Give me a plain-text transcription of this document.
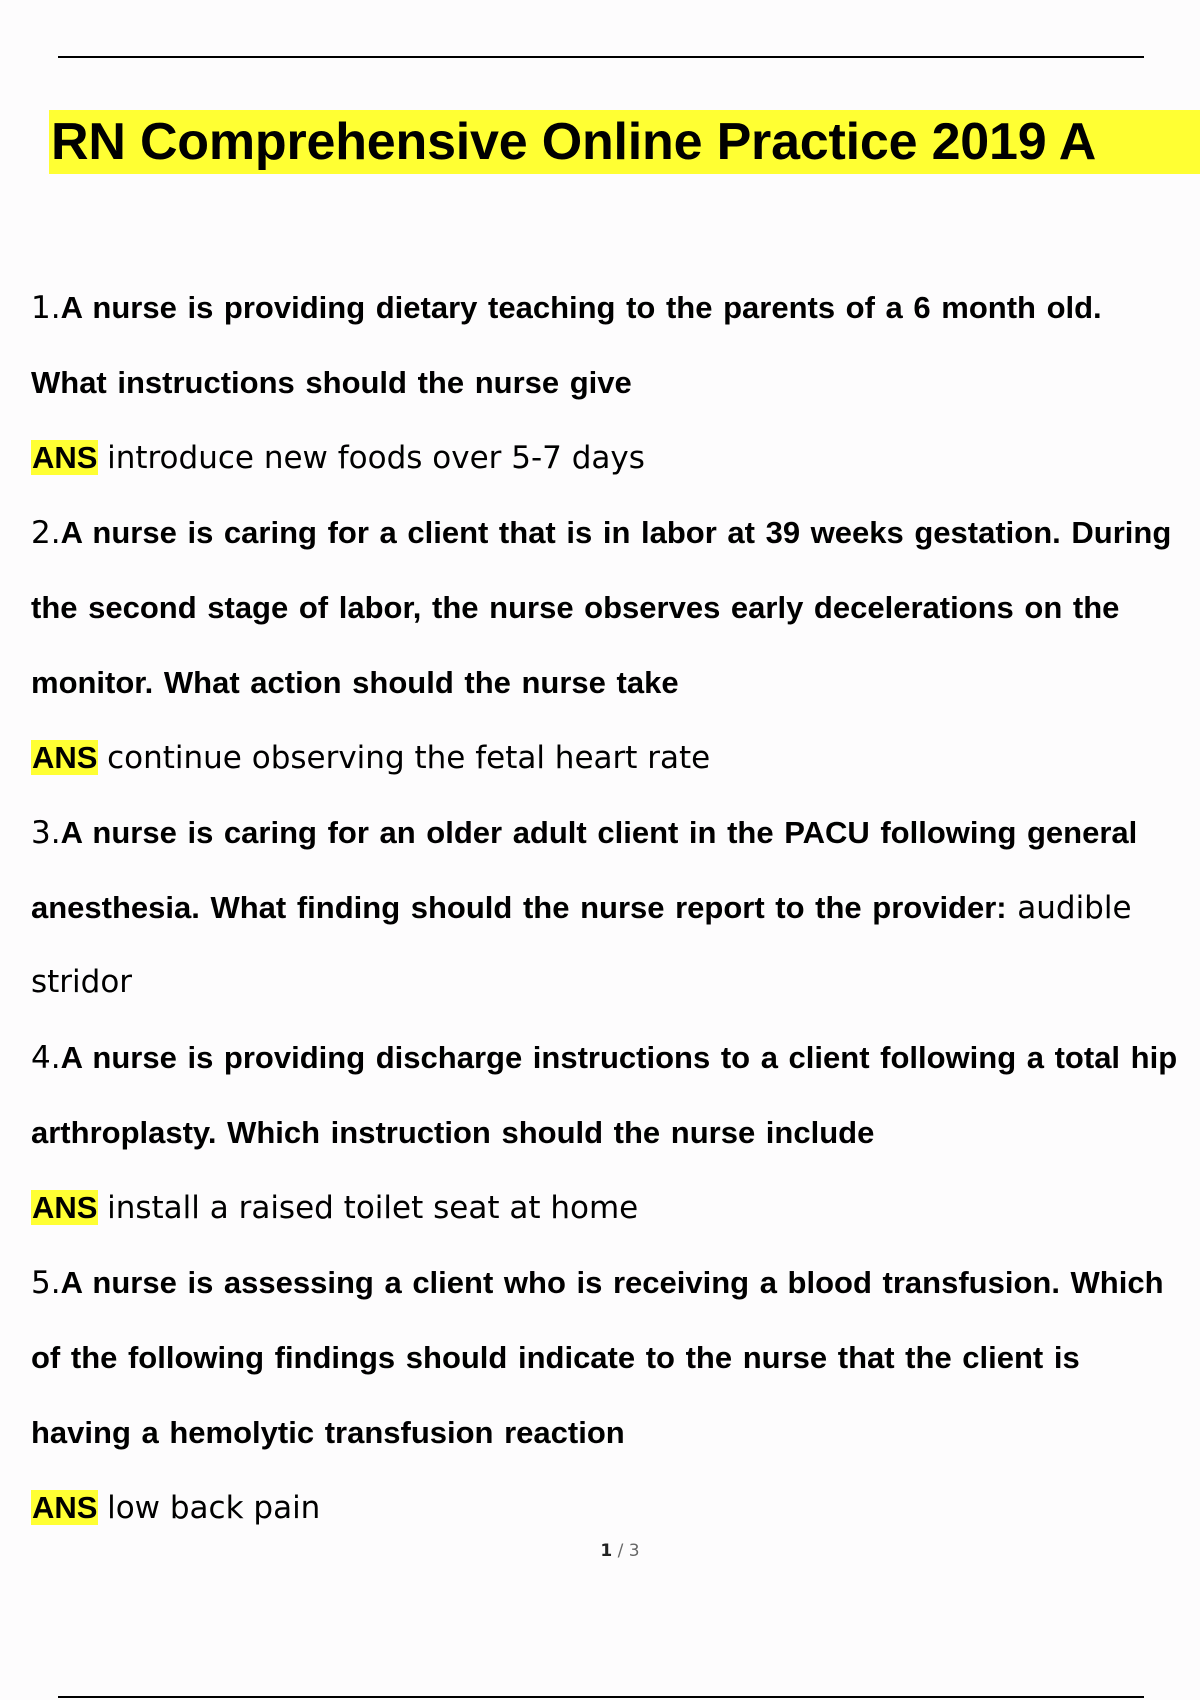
RN Comprehensive Online Practice 2019 A
1.A nurse is providing dietary teaching to the parents of a 6 month old.
What instructions should the nurse give
ANS introduce new foods over 5-7 days
2.A nurse is caring for a client that is in labor at 39 weeks gestation. During
the second stage of labor, the nurse observes early decelerations on the
monitor. What action should the nurse take
ANS continue observing the fetal heart rate
3.A nurse is caring for an older adult client in the PACU following general
anesthesia. What finding should the nurse report to the provider: audible
stridor
4.A nurse is providing discharge instructions to a client following a total hip
arthroplasty. Which instruction should the nurse include
ANS install a raised toilet seat at home
5.A nurse is assessing a client who is receiving a blood transfusion. Which
of the following findings should indicate to the nurse that the client is
having a hemolytic transfusion reaction
ANS low back pain
1 / 3
